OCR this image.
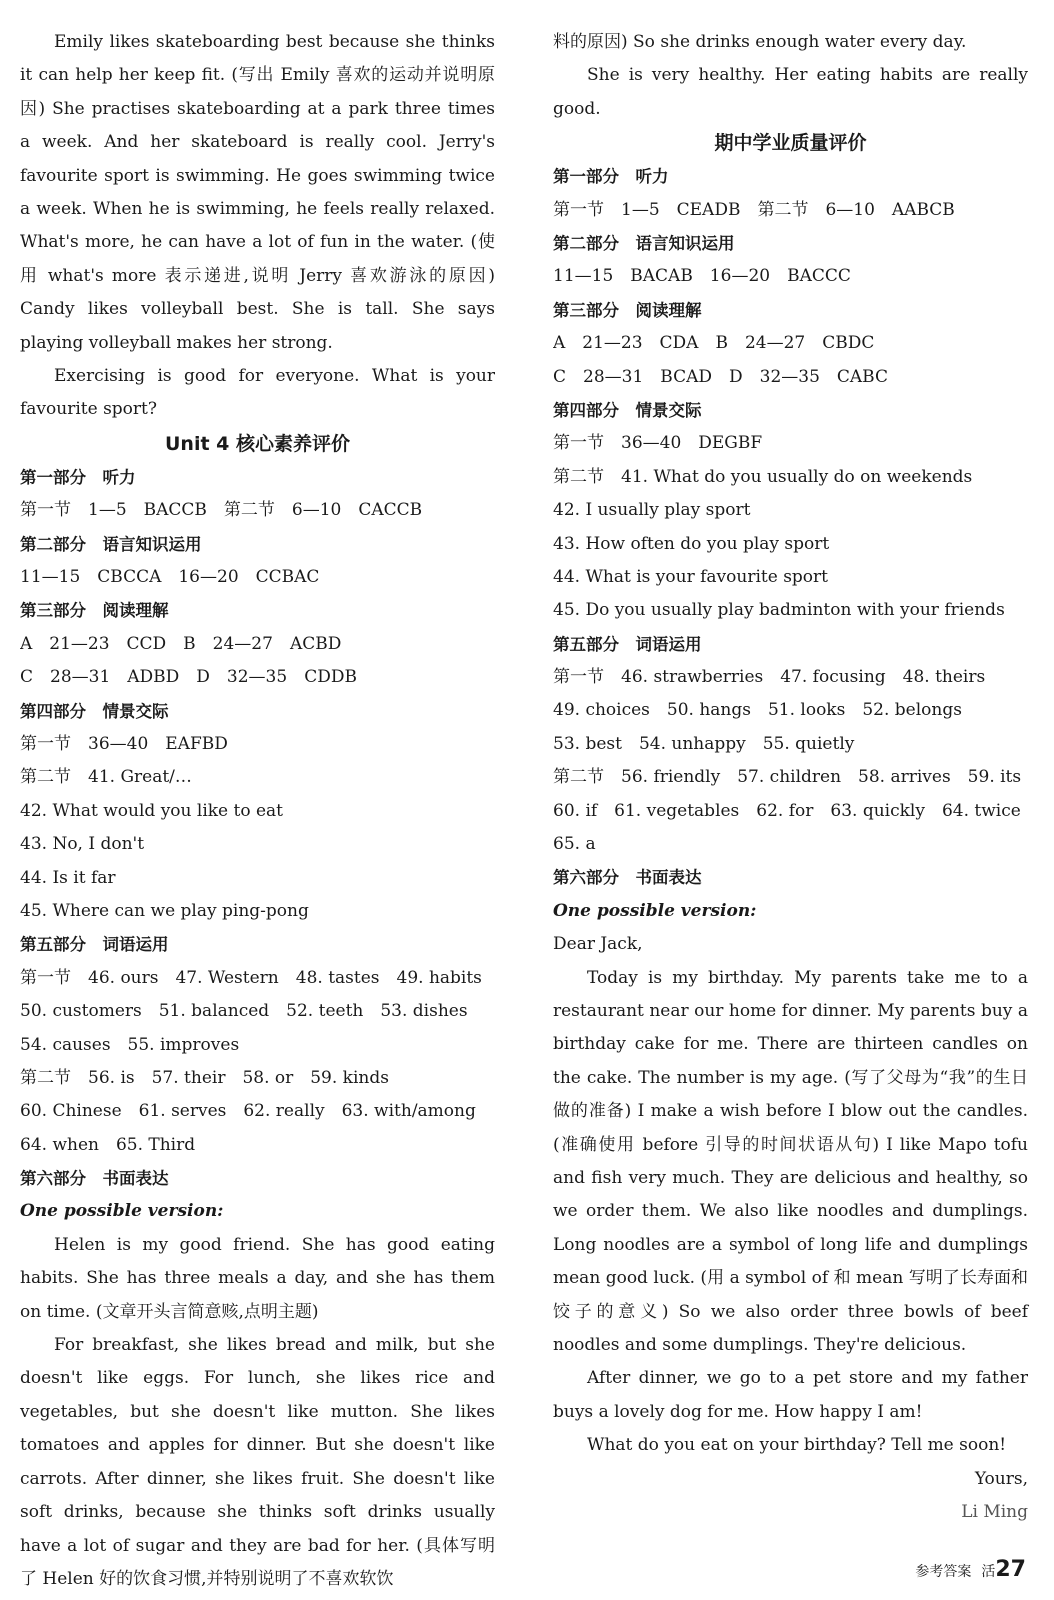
Emily likes skateboarding best because she thinks it can help her keep fit. (写出 Emily 喜欢的运动并说明原因) She practises skateboarding at a park three times a week. And her skateboard is really cool. Jerry's favourite sport is swimming. He goes swimming twice a week. When he is swimming, he feels really relaxed. What's more, he can have a lot of fun in the water. (使用 what's more 表示递进,说明 Jerry 喜欢游泳的原因) Candy likes volleyball best. She is tall. She says playing volleyball makes her strong.

Exercising is good for everyone. What is your favourite sport?

Unit 4 核心素养评价
第一部分　听力
第一节　1—5　BACCB　第二节　6—10　CACCB
第二部分　语言知识运用
11—15　CBCCA　16—20　CCBAC
第三部分　阅读理解
A　21—23　CCD　B　24—27　ACBD
C　28—31　ADBD　D　32—35　CDDB
第四部分　情景交际
第一节　36—40　EAFBD
第二节　41. Great/…
42. What would you like to eat
43. No, I don't
44. Is it far
45. Where can we play ping-pong
第五部分　词语运用
第一节　46. ours　47. Western　48. tastes　49. habits
50. customers　51. balanced　52. teeth　53. dishes
54. causes　55. improves
第二节　56. is　57. their　58. or　59. kinds
60. Chinese　61. serves　62. really　63. with/among
64. when　65. Third
第六部分　书面表达
One possible version:

Helen is my good friend. She has good eating habits. She has three meals a day, and she has them on time. (文章开头言简意赅,点明主题)

For breakfast, she likes bread and milk, but she doesn't like eggs. For lunch, she likes rice and vegetables, but she doesn't like mutton. She likes tomatoes and apples for dinner. But she doesn't like carrots. After dinner, she likes fruit. She doesn't like soft drinks, because she thinks soft drinks usually have a lot of sugar and they are bad for her. (具体写明了 Helen 好的饮食习惯,并特别说明了不喜欢软饮

料的原因) So she drinks enough water every day.

She is very healthy. Her eating habits are really good.

期中学业质量评价
第一部分　听力
第一节　1—5　CEADB　第二节　6—10　AABCB
第二部分　语言知识运用
11—15　BACAB　16—20　BACCC
第三部分　阅读理解
A　21—23　CDA　B　24—27　CBDC
C　28—31　BCAD　D　32—35　CABC
第四部分　情景交际
第一节　36—40　DEGBF
第二节　41. What do you usually do on weekends
42. I usually play sport
43. How often do you play sport
44. What is your favourite sport
45. Do you usually play badminton with your friends
第五部分　词语运用
第一节　46. strawberries　47. focusing　48. theirs
49. choices　50. hangs　51. looks　52. belongs
53. best　54. unhappy　55. quietly
第二节　56. friendly　57. children　58. arrives　59. its
60. if　61. vegetables　62. for　63. quickly　64. twice
65. a
第六部分　书面表达
One possible version:
Dear Jack,

Today is my birthday. My parents take me to a restaurant near our home for dinner. My parents buy a birthday cake for me. There are thirteen candles on the cake. The number is my age. (写了父母为“我”的生日做的准备) I make a wish before I blow out the candles. (准确使用 before 引导的时间状语从句) I like Mapo tofu and fish very much. They are delicious and healthy, so we order them. We also like noodles and dumplings. Long noodles are a symbol of long life and dumplings mean good luck. (用 a symbol of 和 mean 写明了长寿面和饺子的意义) So we also order three bowls of beef noodles and some dumplings. They're delicious.

After dinner, we go to a pet store and my father buys a lovely dog for me. How happy I am!

What do you eat on your birthday? Tell me soon!

Yours,
Li Ming
参考答案 活27
